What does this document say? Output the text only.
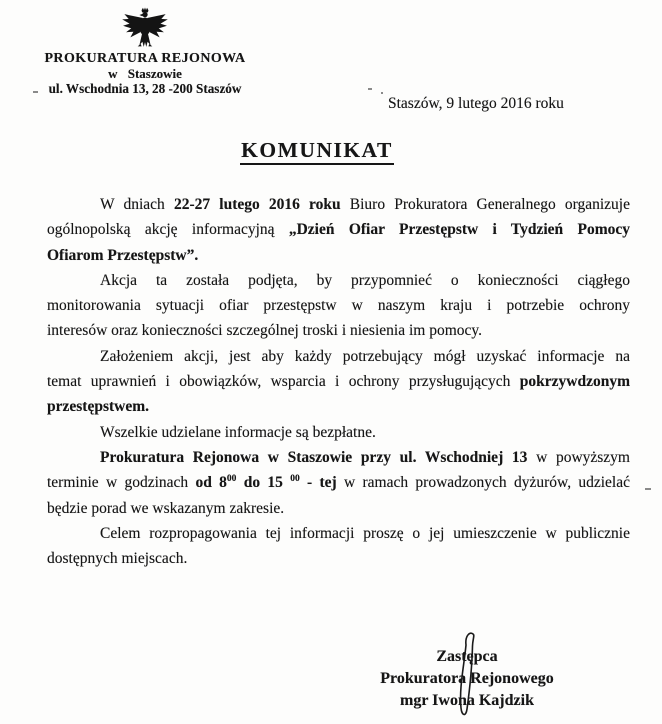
PROKURATURA REJONOWA
w Staszowie
ul. Wschodnia 13, 28 -200 Staszów
Staszów, 9 lutego 2016 roku
KOMUNIKAT
W dniach 22-27 lutego 2016 roku Biuro Prokuratora Generalnego organizuje
ogólnopolską akcję informacyjną „Dzień Ofiar Przestępstw i Tydzień Pomocy
Ofiarom Przestępstw”.
Akcja ta została podjęta, by przypomnieć o konieczności ciągłego
monitorowania sytuacji ofiar przestępstw w naszym kraju i potrzebie ochrony
interesów oraz konieczności szczególnej troski i niesienia im pomocy.
Założeniem akcji, jest aby każdy potrzebujący mógł uzyskać informacje na
temat uprawnień i obowiązków, wsparcia i ochrony przysługujących pokrzywdzonym
przestępstwem.
Wszelkie udzielane informacje są bezpłatne.
Prokuratura Rejonowa w Staszowie przy ul. Wschodniej 13 w powyższym
terminie w godzinach od $8^{00}$ do 15 $^{00}$ - tej w ramach prowadzonych dyżurów, udzielać
będzie porad we wskazanym zakresie.
Celem rozpropagowania tej informacji proszę o jej umieszczenie w publicznie
dostępnych miejscach.
Zastępca
Prokuratora Rejonowego
mgr Iwona Kajdzik
